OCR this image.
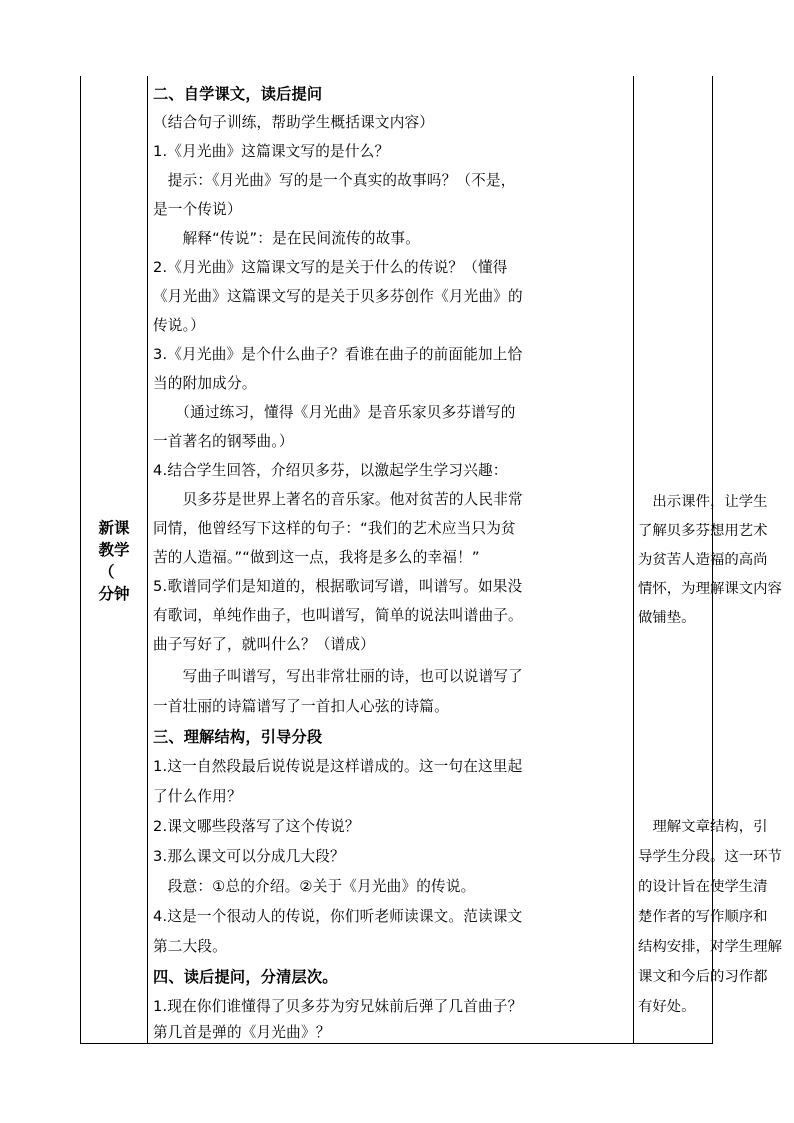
新课
教学
（
分钟
二、自学课文，读后提问
（结合句子训练，帮助学生概括课文内容）
1.《月光曲》这篇课文写的是什么？
　提示：《月光曲》写的是一个真实的故事吗？（不是，
是一个传说）
　　解释“传说”：是在民间流传的故事。
2.《月光曲》这篇课文写的是关于什么的传说？（懂得
《月光曲》这篇课文写的是关于贝多芬创作《月光曲》的
传说。）
3.《月光曲》是个什么曲子？看谁在曲子的前面能加上恰
当的附加成分。
　　（通过练习，懂得《月光曲》是音乐家贝多芬谱写的
一首著名的钢琴曲。）
4.结合学生回答，介绍贝多芬，以激起学生学习兴趣：
　　贝多芬是世界上著名的音乐家。他对贫苦的人民非常
同情，他曾经写下这样的句子：“我们的艺术应当只为贫
苦的人造福。”“做到这一点，我将是多么的幸福！”
5.歌谱同学们是知道的，根据歌词写谱，叫谱写。如果没
有歌词，单纯作曲子，也叫谱写，简单的说法叫谱曲子。
曲子写好了，就叫什么？（谱成）
　　写曲子叫谱写，写出非常壮丽的诗，也可以说谱写了
一首壮丽的诗篇谱写了一首扣人心弦的诗篇。
三、理解结构，引导分段
1.这一自然段最后说传说是这样谱成的。这一句在这里起
了什么作用？
2.课文哪些段落写了这个传说？
3.那么课文可以分成几大段？
　段意：①总的介绍。②关于《月光曲》的传说。
4.这是一个很动人的传说，你们听老师读课文。范读课文
第二大段。
四、读后提问，分清层次。
1.现在你们谁懂得了贝多芬为穷兄妹前后弹了几首曲子？
第几首是弹的《月光曲》？
　出示课件，让学生
了解贝多芬想用艺术
为贫苦人造福的高尚
情怀，为理解课文内容
做铺垫。
　理解文章结构，引
导学生分段。这一环节
的设计旨在使学生清
楚作者的写作顺序和
结构安排，对学生理解
课文和今后的习作都
有好处。
